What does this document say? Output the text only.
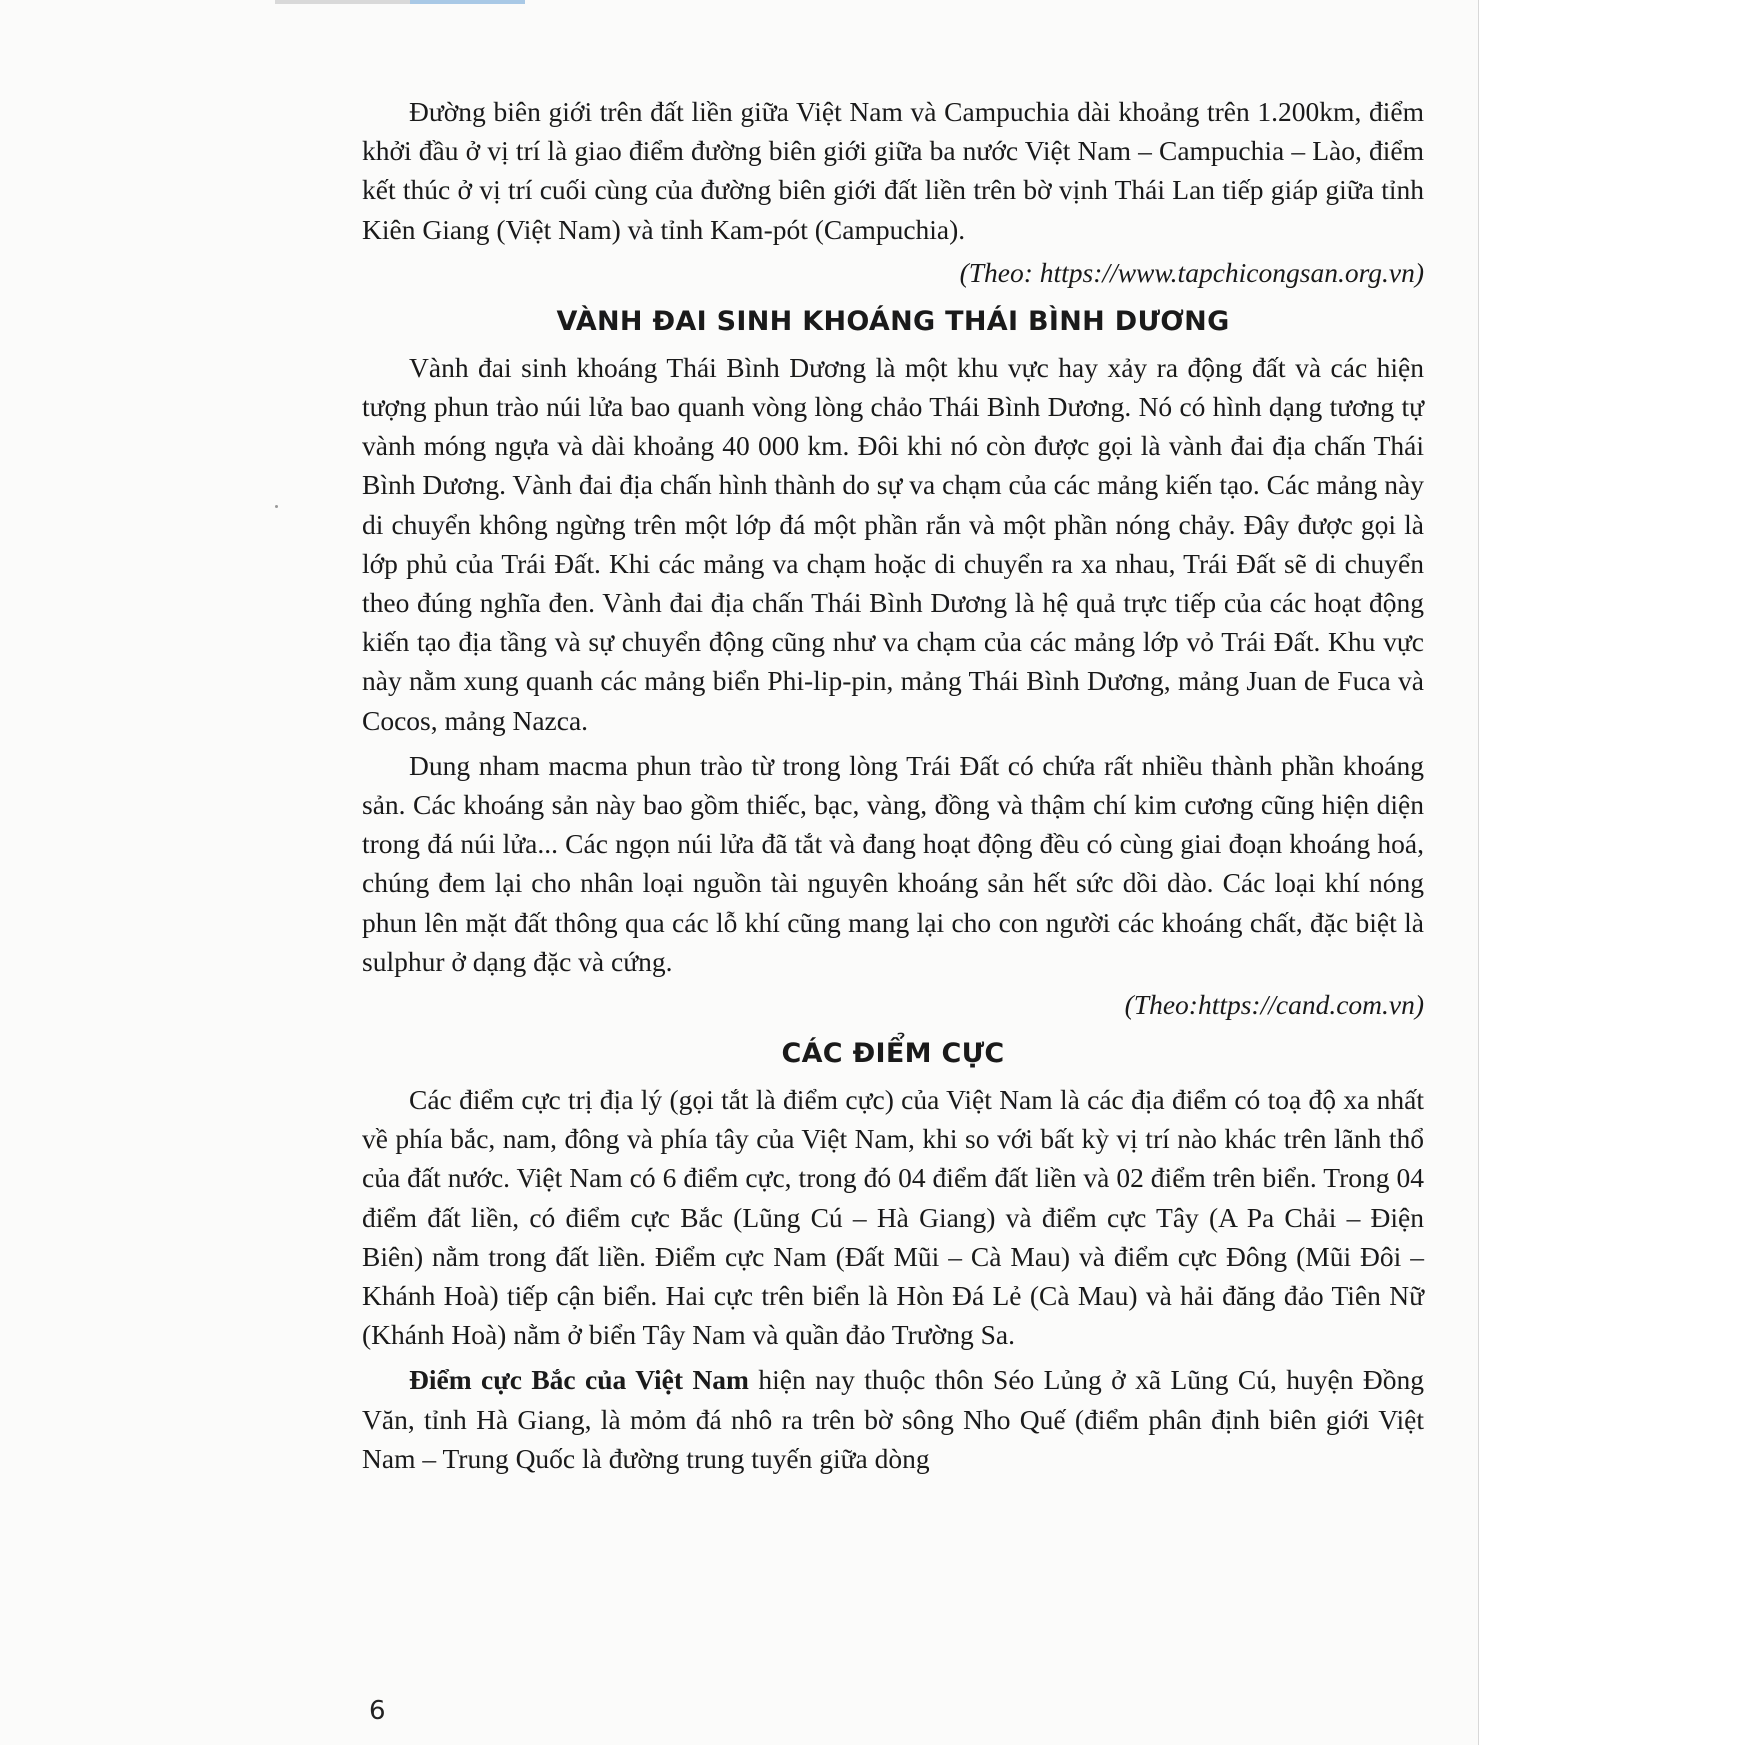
Đường biên giới trên đất liền giữa Việt Nam và Campuchia dài khoảng trên 1.200km, điểm khởi đầu ở vị trí là giao điểm đường biên giới giữa ba nước Việt Nam – Campuchia – Lào, điểm kết thúc ở vị trí cuối cùng của đường biên giới đất liền trên bờ vịnh Thái Lan tiếp giáp giữa tỉnh Kiên Giang (Việt Nam) và tỉnh Kam-pót (Campuchia).

(Theo: https://www.tapchicongsan.org.vn)

VÀNH ĐAI SINH KHOÁNG THÁI BÌNH DƯƠNG

Vành đai sinh khoáng Thái Bình Dương là một khu vực hay xảy ra động đất và các hiện tượng phun trào núi lửa bao quanh vòng lòng chảo Thái Bình Dương. Nó có hình dạng tương tự vành móng ngựa và dài khoảng 40 000 km. Đôi khi nó còn được gọi là vành đai địa chấn Thái Bình Dương. Vành đai địa chấn hình thành do sự va chạm của các mảng kiến tạo. Các mảng này di chuyển không ngừng trên một lớp đá một phần rắn và một phần nóng chảy. Đây được gọi là lớp phủ của Trái Đất. Khi các mảng va chạm hoặc di chuyển ra xa nhau, Trái Đất sẽ di chuyển theo đúng nghĩa đen. Vành đai địa chấn Thái Bình Dương là hệ quả trực tiếp của các hoạt động kiến tạo địa tầng và sự chuyển động cũng như va chạm của các mảng lớp vỏ Trái Đất. Khu vực này nằm xung quanh các mảng biển Phi-lip-pin, mảng Thái Bình Dương, mảng Juan de Fuca và Cocos, mảng Nazca.

Dung nham macma phun trào từ trong lòng Trái Đất có chứa rất nhiều thành phần khoáng sản. Các khoáng sản này bao gồm thiếc, bạc, vàng, đồng và thậm chí kim cương cũng hiện diện trong đá núi lửa... Các ngọn núi lửa đã tắt và đang hoạt động đều có cùng giai đoạn khoáng hoá, chúng đem lại cho nhân loại nguồn tài nguyên khoáng sản hết sức dồi dào. Các loại khí nóng phun lên mặt đất thông qua các lỗ khí cũng mang lại cho con người các khoáng chất, đặc biệt là sulphur ở dạng đặc và cứng.

(Theo:https://cand.com.vn)

CÁC ĐIỂM CỰC

Các điểm cực trị địa lý (gọi tắt là điểm cực) của Việt Nam là các địa điểm có toạ độ xa nhất về phía bắc, nam, đông và phía tây của Việt Nam, khi so với bất kỳ vị trí nào khác trên lãnh thổ của đất nước. Việt Nam có 6 điểm cực, trong đó 04 điểm đất liền và 02 điểm trên biển. Trong 04 điểm đất liền, có điểm cực Bắc (Lũng Cú – Hà Giang) và điểm cực Tây (A Pa Chải – Điện Biên) nằm trong đất liền. Điểm cực Nam (Đất Mũi – Cà Mau) và điểm cực Đông (Mũi Đôi – Khánh Hoà) tiếp cận biển. Hai cực trên biển là Hòn Đá Lẻ (Cà Mau) và hải đăng đảo Tiên Nữ (Khánh Hoà) nằm ở biển Tây Nam và quần đảo Trường Sa.

Điểm cực Bắc của Việt Nam hiện nay thuộc thôn Séo Lủng ở xã Lũng Cú, huyện Đồng Văn, tỉnh Hà Giang, là mỏm đá nhô ra trên bờ sông Nho Quế (điểm phân định biên giới Việt Nam – Trung Quốc là đường trung tuyến giữa dòng

6
